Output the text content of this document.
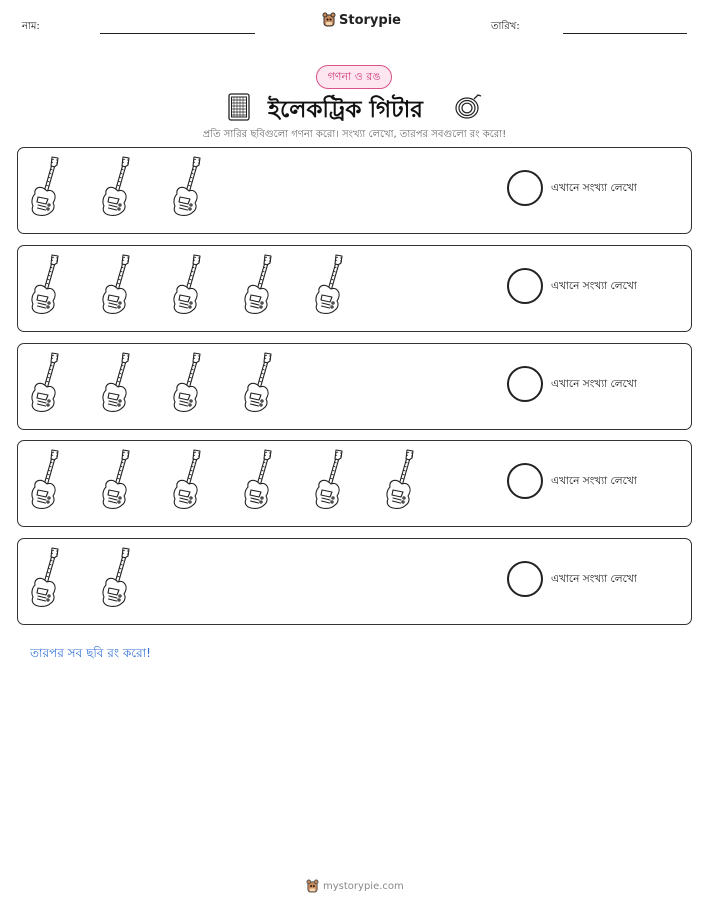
নাম:	Storypie	তারিখ:
গণনা ও রঙ
ইলেকট্রিক গিটার
প্রতি সারির ছবিগুলো গণনা করো। সংখ্যা লেখো, তারপর সবগুলো রং করো!
এখানে সংখ্যা লেখো
এখানে সংখ্যা লেখো
এখানে সংখ্যা লেখো
এখানে সংখ্যা লেখো
এখানে সংখ্যা লেখো
তারপর সব ছবি রং করো!
mystorypie.com
